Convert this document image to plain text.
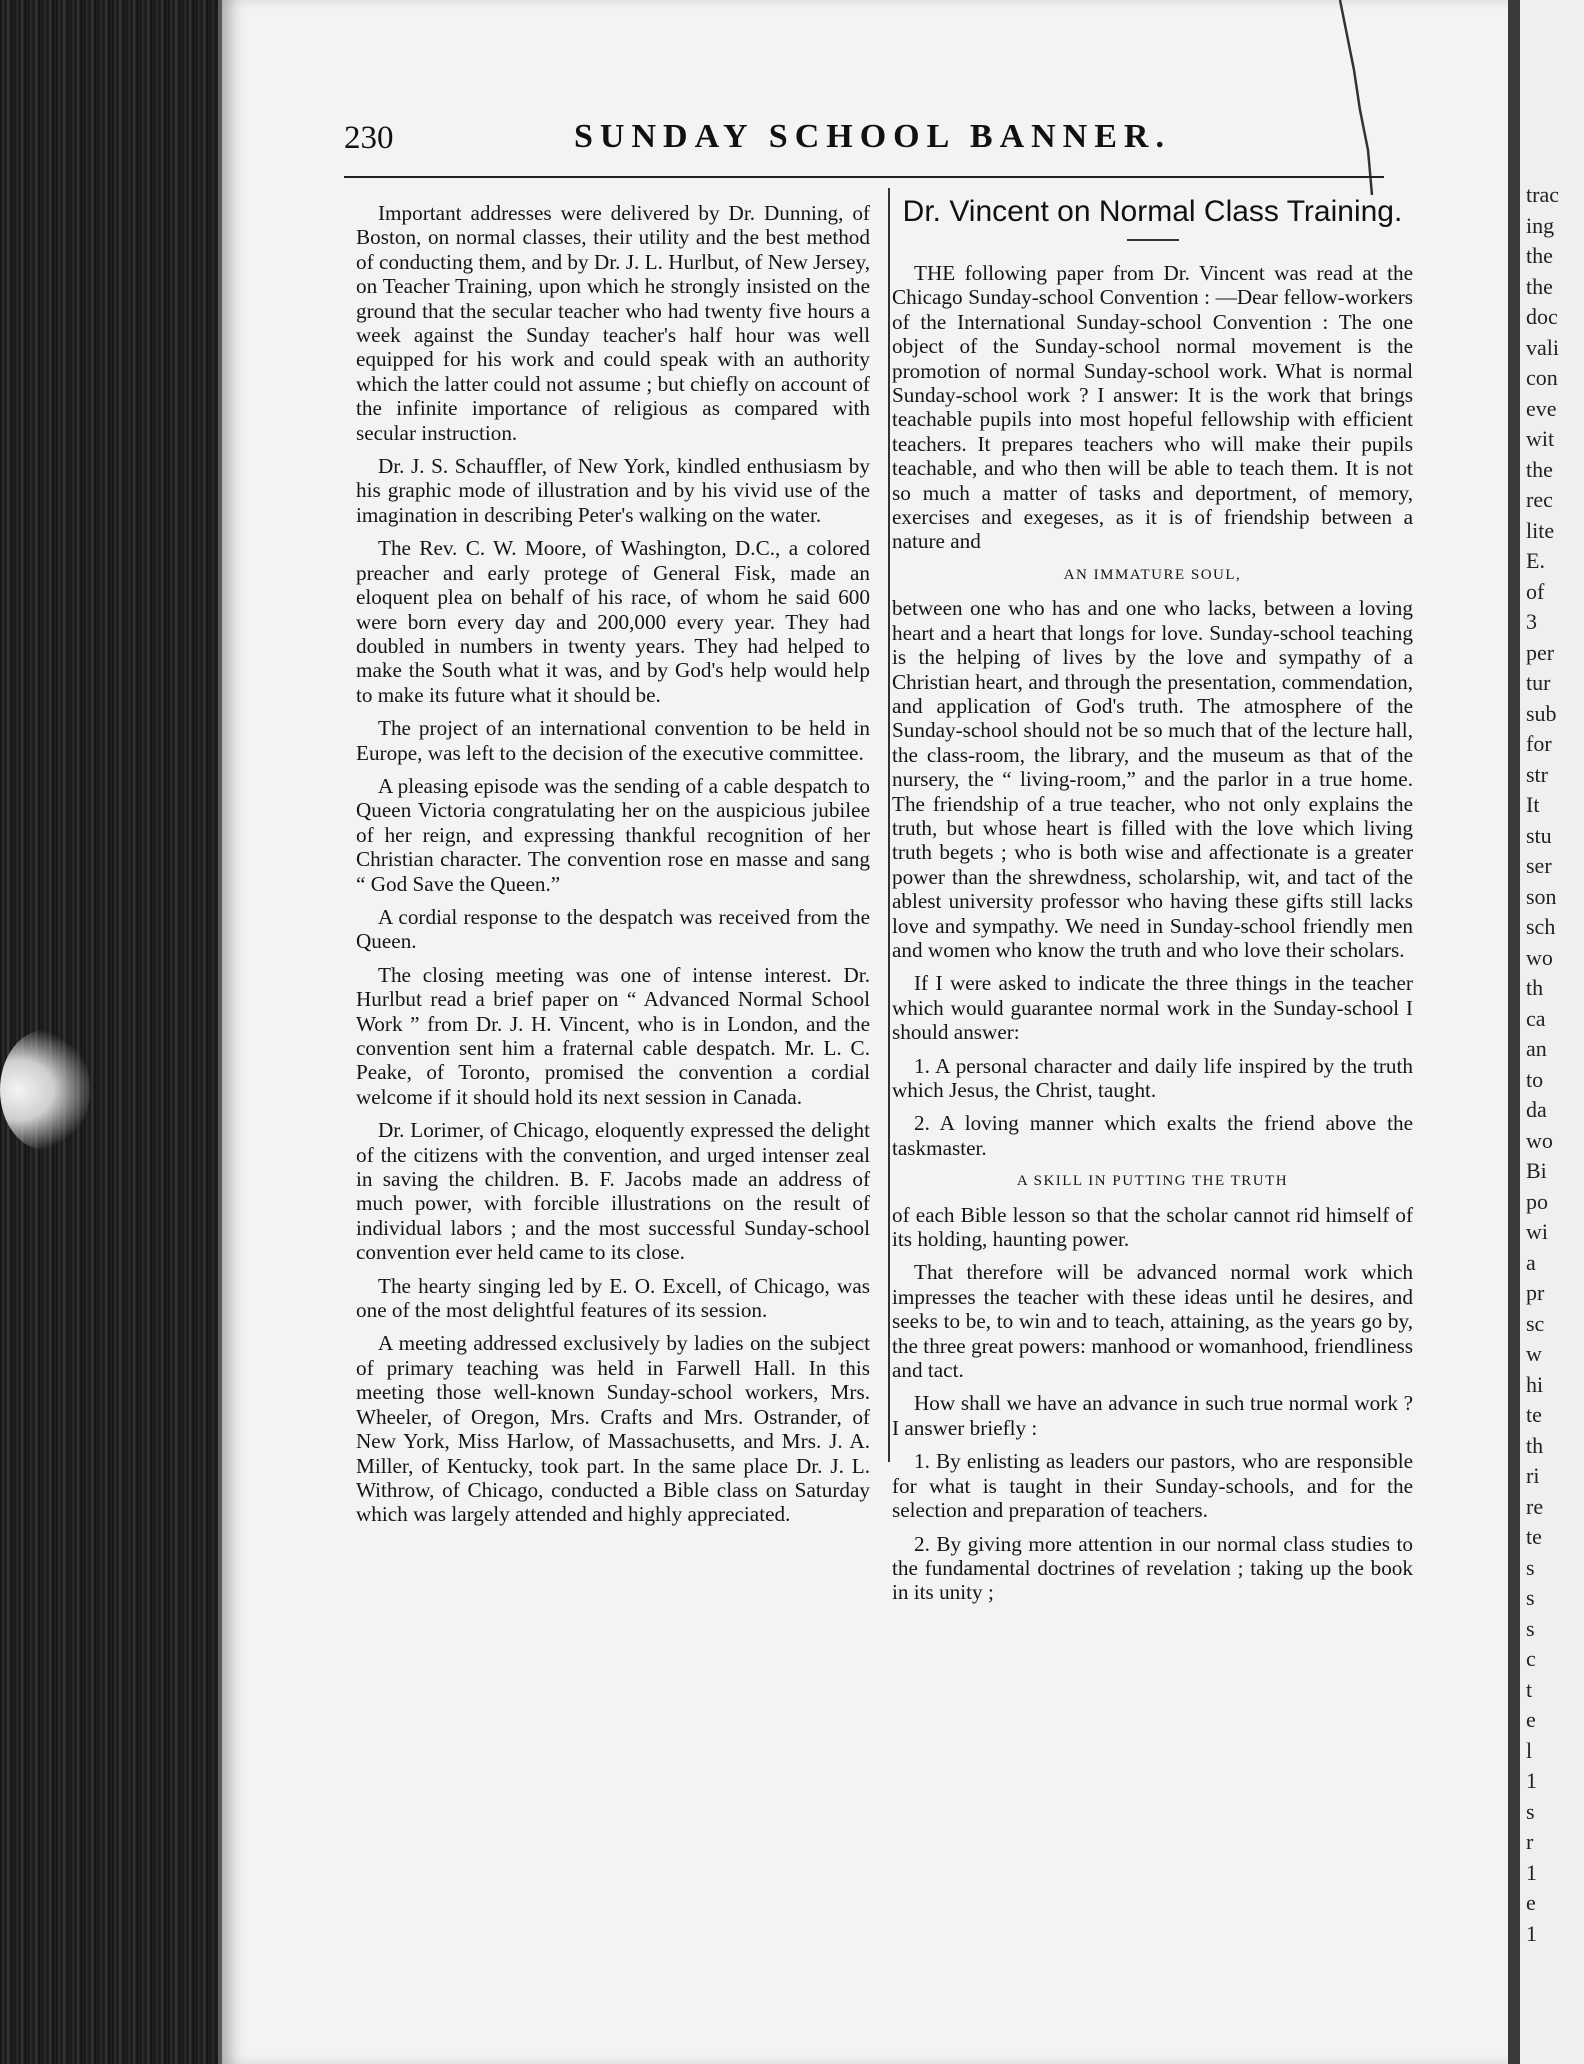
230	SUNDAY SCHOOL BANNER.

Important addresses were delivered by Dr. Dunning, of Boston, on normal classes, their utility and the best method of conducting them, and by Dr. J. L. Hurlbut, of New Jersey, on Teacher Training, upon which he strongly insisted on the ground that the secular teacher who had twenty five hours a week against the Sunday teacher's half hour was well equipped for his work and could speak with an authority which the latter could not assume ; but chiefly on account of the infinite importance of religious as compared with secular instruction.

Dr. J. S. Schauffler, of New York, kindled enthusiasm by his graphic mode of illustration and by his vivid use of the imagination in describing Peter's walking on the water.

The Rev. C. W. Moore, of Washington, D.C., a colored preacher and early protege of General Fisk, made an eloquent plea on behalf of his race, of whom he said 600 were born every day and 200,000 every year. They had doubled in numbers in twenty years. They had helped to make the South what it was, and by God's help would help to make its future what it should be.

The project of an international convention to be held in Europe, was left to the decision of the executive committee.

A pleasing episode was the sending of a cable despatch to Queen Victoria congratulating her on the auspicious jubilee of her reign, and expressing thankful recognition of her Christian character. The convention rose en masse and sang “ God Save the Queen.”

A cordial response to the despatch was received from the Queen.

The closing meeting was one of intense interest. Dr. Hurlbut read a brief paper on “ Advanced Normal School Work ” from Dr. J. H. Vincent, who is in London, and the convention sent him a fraternal cable despatch. Mr. L. C. Peake, of Toronto, promised the convention a cordial welcome if it should hold its next session in Canada.

Dr. Lorimer, of Chicago, eloquently expressed the delight of the citizens with the convention, and urged intenser zeal in saving the children. B. F. Jacobs made an address of much power, with forcible illustrations on the result of individual labors ; and the most successful Sunday-school convention ever held came to its close.

The hearty singing led by E. O. Excell, of Chicago, was one of the most delightful features of its session.

A meeting addressed exclusively by ladies on the subject of primary teaching was held in Farwell Hall. In this meeting those well-known Sunday-school workers, Mrs. Wheeler, of Oregon, Mrs. Crafts and Mrs. Ostrander, of New York, Miss Harlow, of Massachusetts, and Mrs. J. A. Miller, of Kentucky, took part. In the same place Dr. J. L. Withrow, of Chicago, conducted a Bible class on Saturday which was largely attended and highly appreciated.

Dr. Vincent on Normal Class Training.

THE following paper from Dr. Vincent was read at the Chicago Sunday-school Convention : —Dear fellow-workers of the International Sunday-school Convention : The one object of the Sunday-school normal movement is the promotion of normal Sunday-school work. What is normal Sunday-school work ? I answer: It is the work that brings teachable pupils into most hopeful fellowship with efficient teachers. It prepares teachers who will make their pupils teachable, and who then will be able to teach them. It is not so much a matter of tasks and deportment, of memory, exercises and exegeses, as it is of friendship between a nature and

AN IMMATURE SOUL,

between one who has and one who lacks, between a loving heart and a heart that longs for love. Sunday-school teaching is the helping of lives by the love and sympathy of a Christian heart, and through the presentation, commendation, and application of God's truth. The atmosphere of the Sunday-school should not be so much that of the lecture hall, the class-room, the library, and the museum as that of the nursery, the “ living-room,” and the parlor in a true home. The friendship of a true teacher, who not only explains the truth, but whose heart is filled with the love which living truth begets ; who is both wise and affectionate is a greater power than the shrewdness, scholarship, wit, and tact of the ablest university professor who having these gifts still lacks love and sympathy. We need in Sunday-school friendly men and women who know the truth and who love their scholars.

If I were asked to indicate the three things in the teacher which would guarantee normal work in the Sunday-school I should answer:

1. A personal character and daily life inspired by the truth which Jesus, the Christ, taught.

2. A loving manner which exalts the friend above the taskmaster.

A SKILL IN PUTTING THE TRUTH

of each Bible lesson so that the scholar cannot rid himself of its holding, haunting power.

That therefore will be advanced normal work which impresses the teacher with these ideas until he desires, and seeks to be, to win and to teach, attaining, as the years go by, the three great powers: manhood or womanhood, friendliness and tact.

How shall we have an advance in such true normal work ? I answer briefly :

1. By enlisting as leaders our pastors, who are responsible for what is taught in their Sunday-schools, and for the selection and preparation of teachers.

2. By giving more attention in our normal class studies to the fundamental doctrines of revelation ; taking up the book in its unity ;

trac
ing
the
the
doc
vali
con
eve
wit
the
rec
lite
E.
of
3
per
tur
sub
for
str
It
stu
ser
son
sch
wo
th
ca
an
to
da
wo
Bi
po
wi
a
pr
sc
w
hi
te
th
ri
re
te
s
s
s
c
t
e
l
1
s
r
1
e
1
